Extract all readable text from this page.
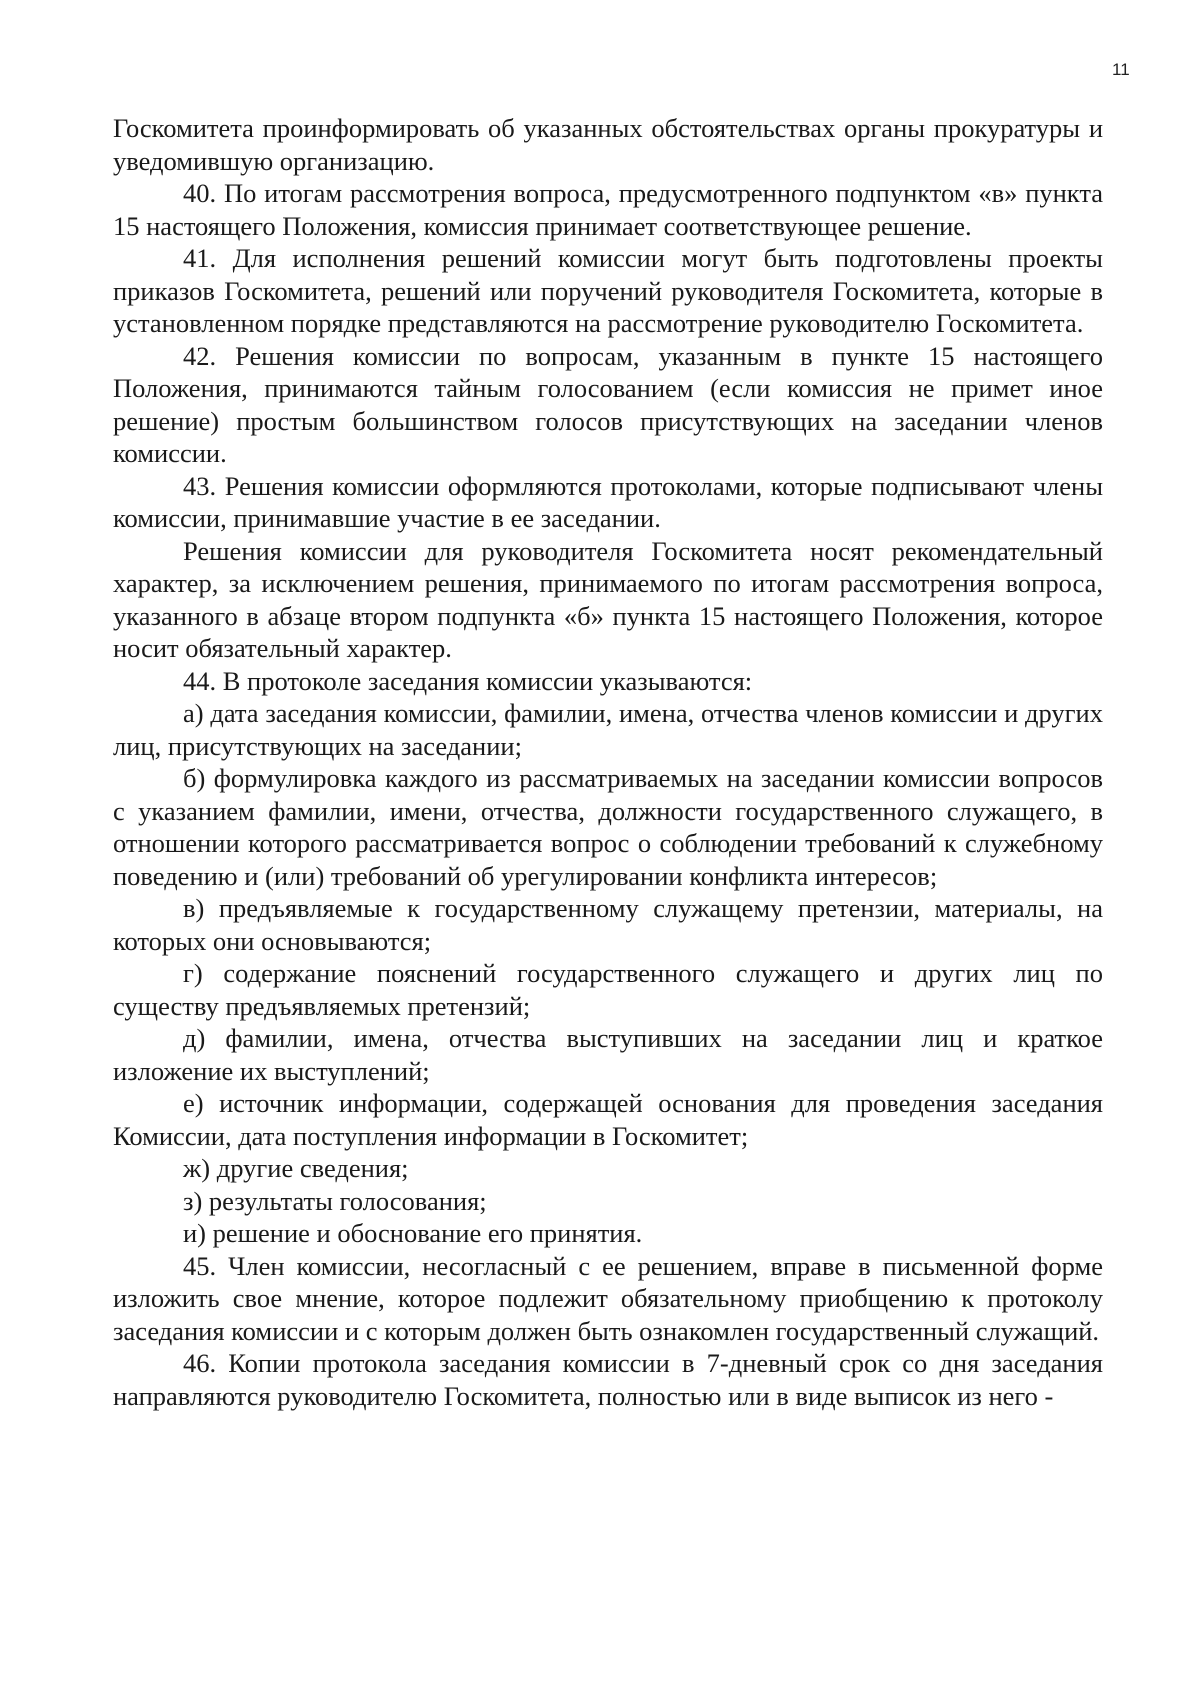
11

Госкомитета проинформировать об указанных обстоятельствах органы прокуратуры и уведомившую организацию.

40. По итогам рассмотрения вопроса, предусмотренного подпунктом «в» пункта 15 настоящего Положения, комиссия принимает соответствующее решение.

41. Для исполнения решений комиссии могут быть подготовлены проекты приказов Госкомитета, решений или поручений руководителя Госкомитета, которые в установленном порядке представляются на рассмотрение руководителю Госкомитета.

42. Решения комиссии по вопросам, указанным в пункте 15 настоящего Положения, принимаются тайным голосованием (если комиссия не примет иное решение) простым большинством голосов присутствующих на заседании членов комиссии.

43. Решения комиссии оформляются протоколами, которые подписывают члены комиссии, принимавшие участие в ее заседании.

Решения комиссии для руководителя Госкомитета носят рекомендательный характер, за исключением решения, принимаемого по итогам рассмотрения вопроса, указанного в абзаце втором подпункта «б» пункта 15 настоящего Положения, которое носит обязательный характер.

44. В протоколе заседания комиссии указываются:

а) дата заседания комиссии, фамилии, имена, отчества членов комиссии и других лиц, присутствующих на заседании;

б) формулировка каждого из рассматриваемых на заседании комиссии вопросов с указанием фамилии, имени, отчества, должности государственного служащего, в отношении которого рассматривается вопрос о соблюдении требований к служебному поведению и (или) требований об урегулировании конфликта интересов;

в) предъявляемые к государственному служащему претензии, материалы, на которых они основываются;

г) содержание пояснений государственного служащего и других лиц по существу предъявляемых претензий;

д) фамилии, имена, отчества выступивших на заседании лиц и краткое изложение их выступлений;

е) источник информации, содержащей основания для проведения заседания Комиссии, дата поступления информации в Госкомитет;

ж) другие сведения;

з) результаты голосования;

и) решение и обоснование его принятия.

45. Член комиссии, несогласный с ее решением, вправе в письменной форме изложить свое мнение, которое подлежит обязательному приобщению к протоколу заседания комиссии и с которым должен быть ознакомлен государственный служащий.

46. Копии протокола заседания комиссии в 7-дневный срок со дня заседания направляются руководителю Госкомитета, полностью или в виде выписок из него -
